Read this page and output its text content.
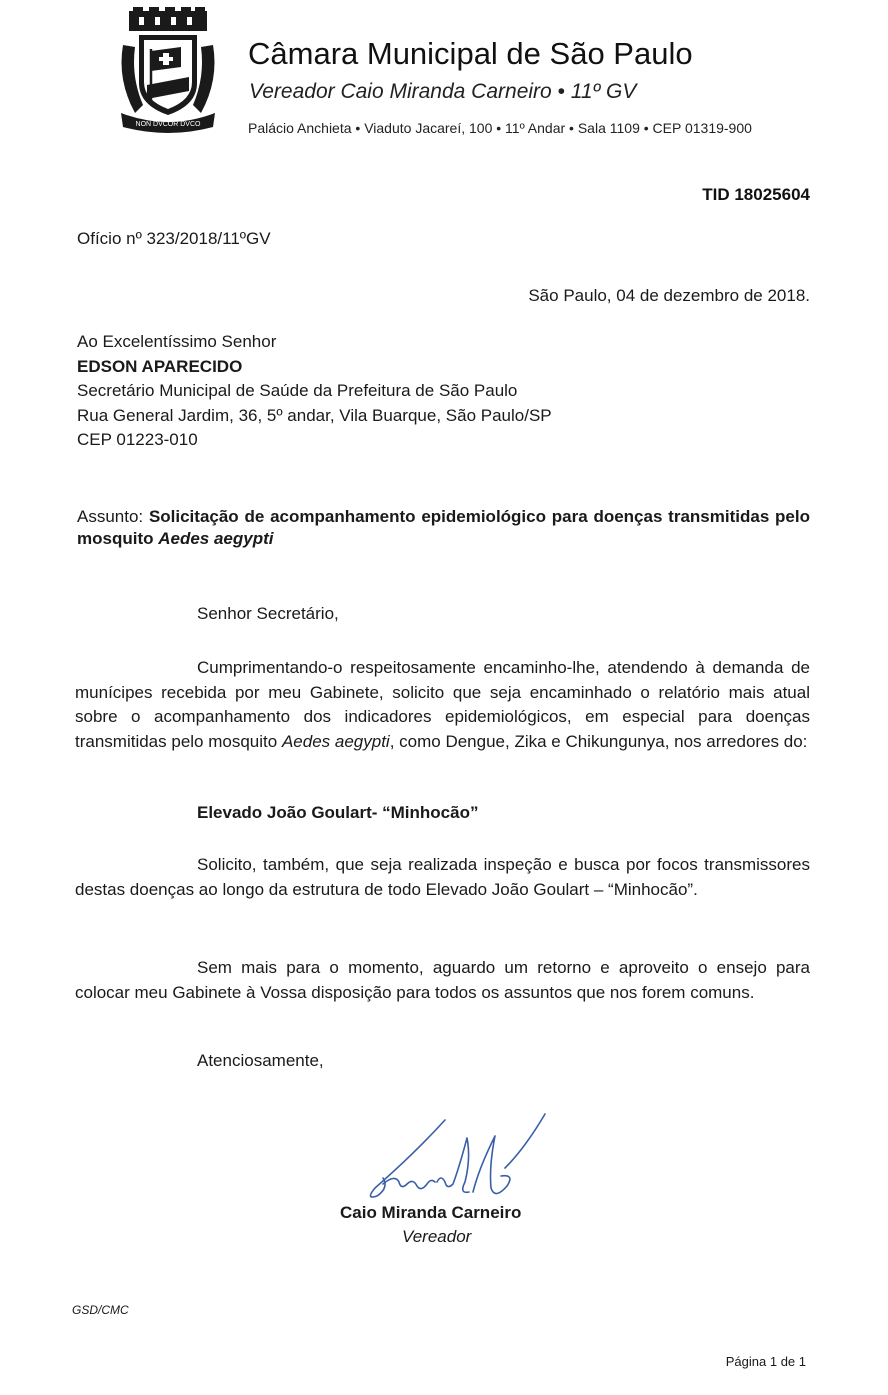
NON DVCOR DVCO
Câmara Municipal de São Paulo
Vereador Caio Miranda Carneiro • 11º GV
Palácio Anchieta • Viaduto Jacareí, 100 • 11º Andar • Sala 1109 • CEP 01319-900
TID 18025604
Ofício nº 323/2018/11ºGV
São Paulo, 04 de dezembro de 2018.
Ao Excelentíssimo Senhor
EDSON APARECIDO
Secretário Municipal de Saúde da Prefeitura de São Paulo
Rua General Jardim, 36, 5º andar, Vila Buarque, São Paulo/SP
CEP 01223-010
Assunto: Solicitação de acompanhamento epidemiológico para doenças transmitidas pelo mosquito Aedes aegypti
Senhor Secretário,
Cumprimentando-o respeitosamente encaminho-lhe, atendendo à demanda de munícipes recebida por meu Gabinete, solicito que seja encaminhado o relatório mais atual sobre o acompanhamento dos indicadores epidemiológicos, em especial para doenças transmitidas pelo mosquito Aedes aegypti, como Dengue, Zika e Chikungunya, nos arredores do:
Elevado João Goulart- “Minhocão”
Solicito, também, que seja realizada inspeção e busca por focos transmissores destas doenças ao longo da estrutura de todo Elevado João Goulart – “Minhocão”.
Sem mais para o momento, aguardo um retorno e aproveito o ensejo para colocar meu Gabinete à Vossa disposição para todos os assuntos que nos forem comuns.
Atenciosamente,
Caio Miranda Carneiro
Vereador
GSD/CMC
Página 1 de 1
